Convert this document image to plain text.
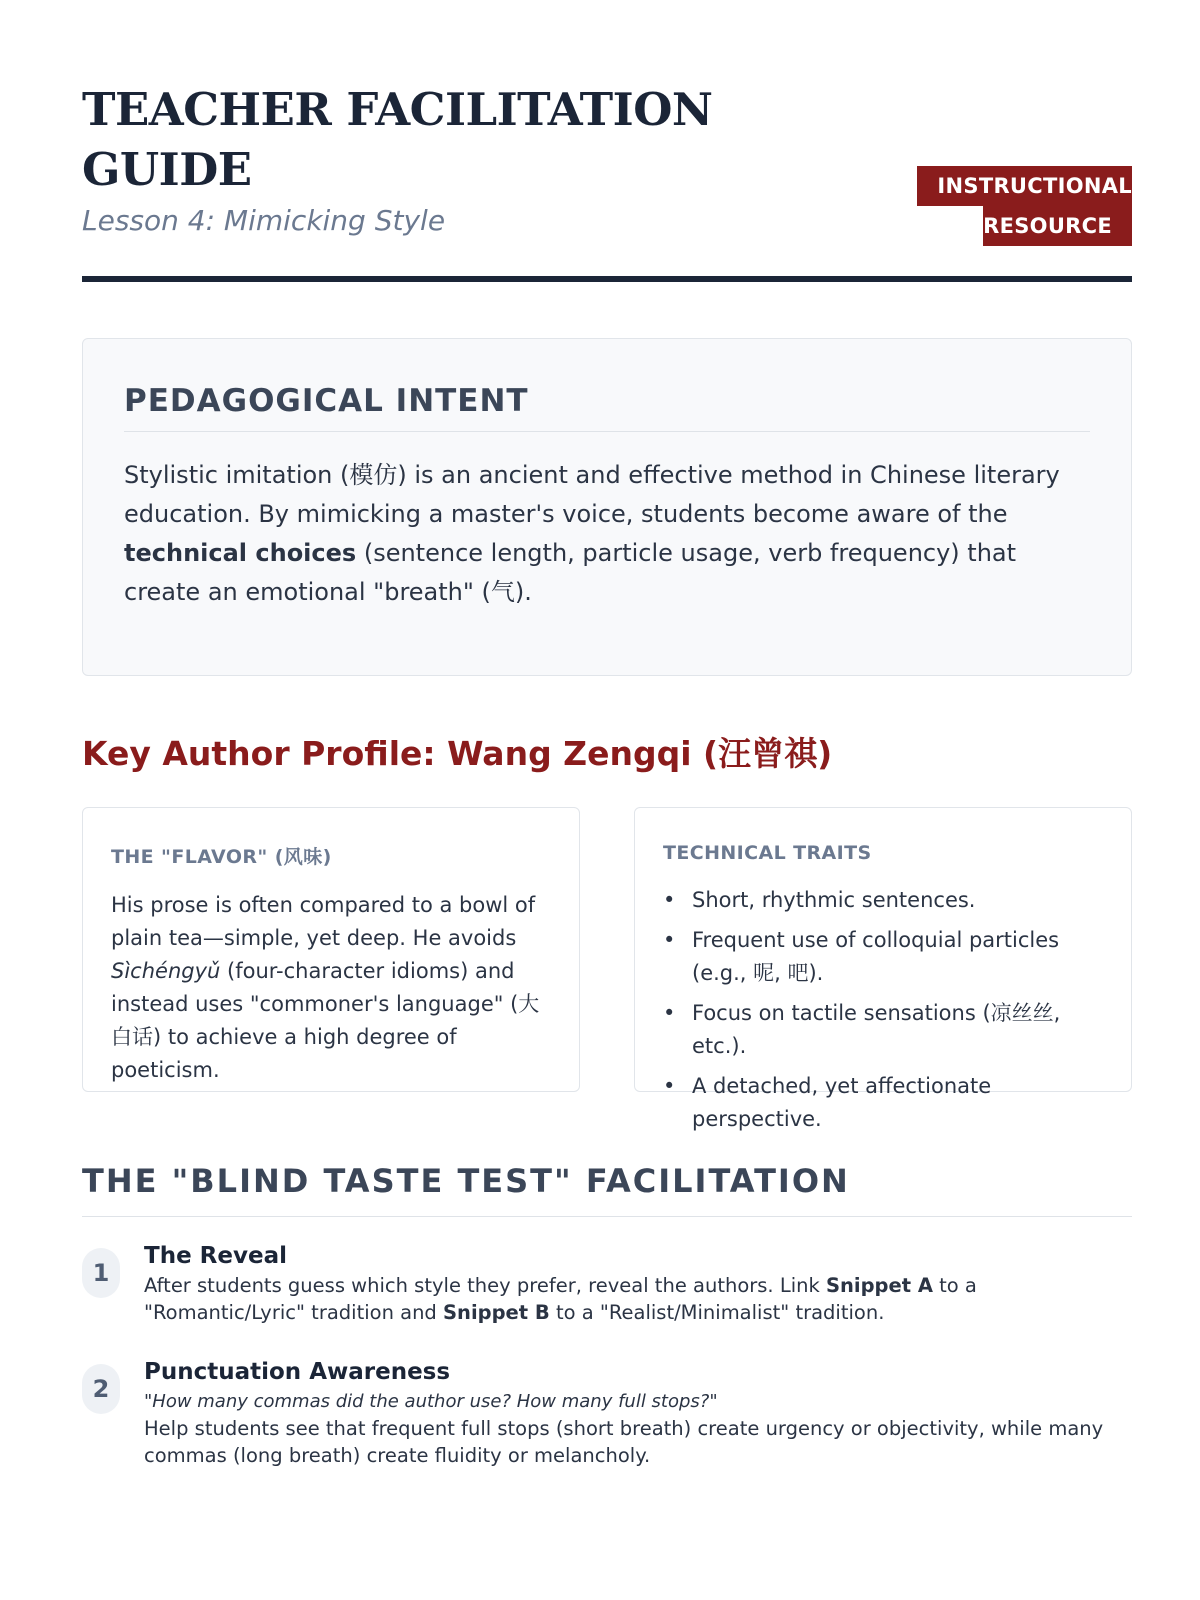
TEACHER FACILITATION
GUIDE

Lesson 4: Mimicking Style

INSTRUCTIONAL
RESOURCE
PEDAGOGICAL INTENT

Stylistic imitation (模仿) is an ancient and effective method in Chinese literary education. By mimicking a master's voice, students become aware of the technical choices (sentence length, particle usage, verb frequency) that create an emotional "breath" (气).

Key Author Profile: Wang Zengqi (汪曾祺)
THE "FLAVOR" (风味)

His prose is often compared to a bowl of plain tea—simple, yet deep. He avoids Sìchéngyǔ (four-character idioms) and instead uses "commoner's language" (大白话) to achieve a high degree of poeticism.

TECHNICAL TRAITS
• Short, rhythmic sentences.
• Frequent use of colloquial particles (e.g., 呢, 吧).
• Focus on tactile sensations (凉丝丝, etc.).
• A detached, yet affectionate perspective.
THE "BLIND TASTE TEST" FACILITATION
1
The Reveal

After students guess which style they prefer, reveal the authors. Link Snippet A to a "Romantic/Lyric" tradition and Snippet B to a "Realist/Minimalist" tradition.

2
Punctuation Awareness

"How many commas did the author use? How many full stops?"

Help students see that frequent full stops (short breath) create urgency or objectivity, while many commas (long breath) create fluidity or melancholy.
